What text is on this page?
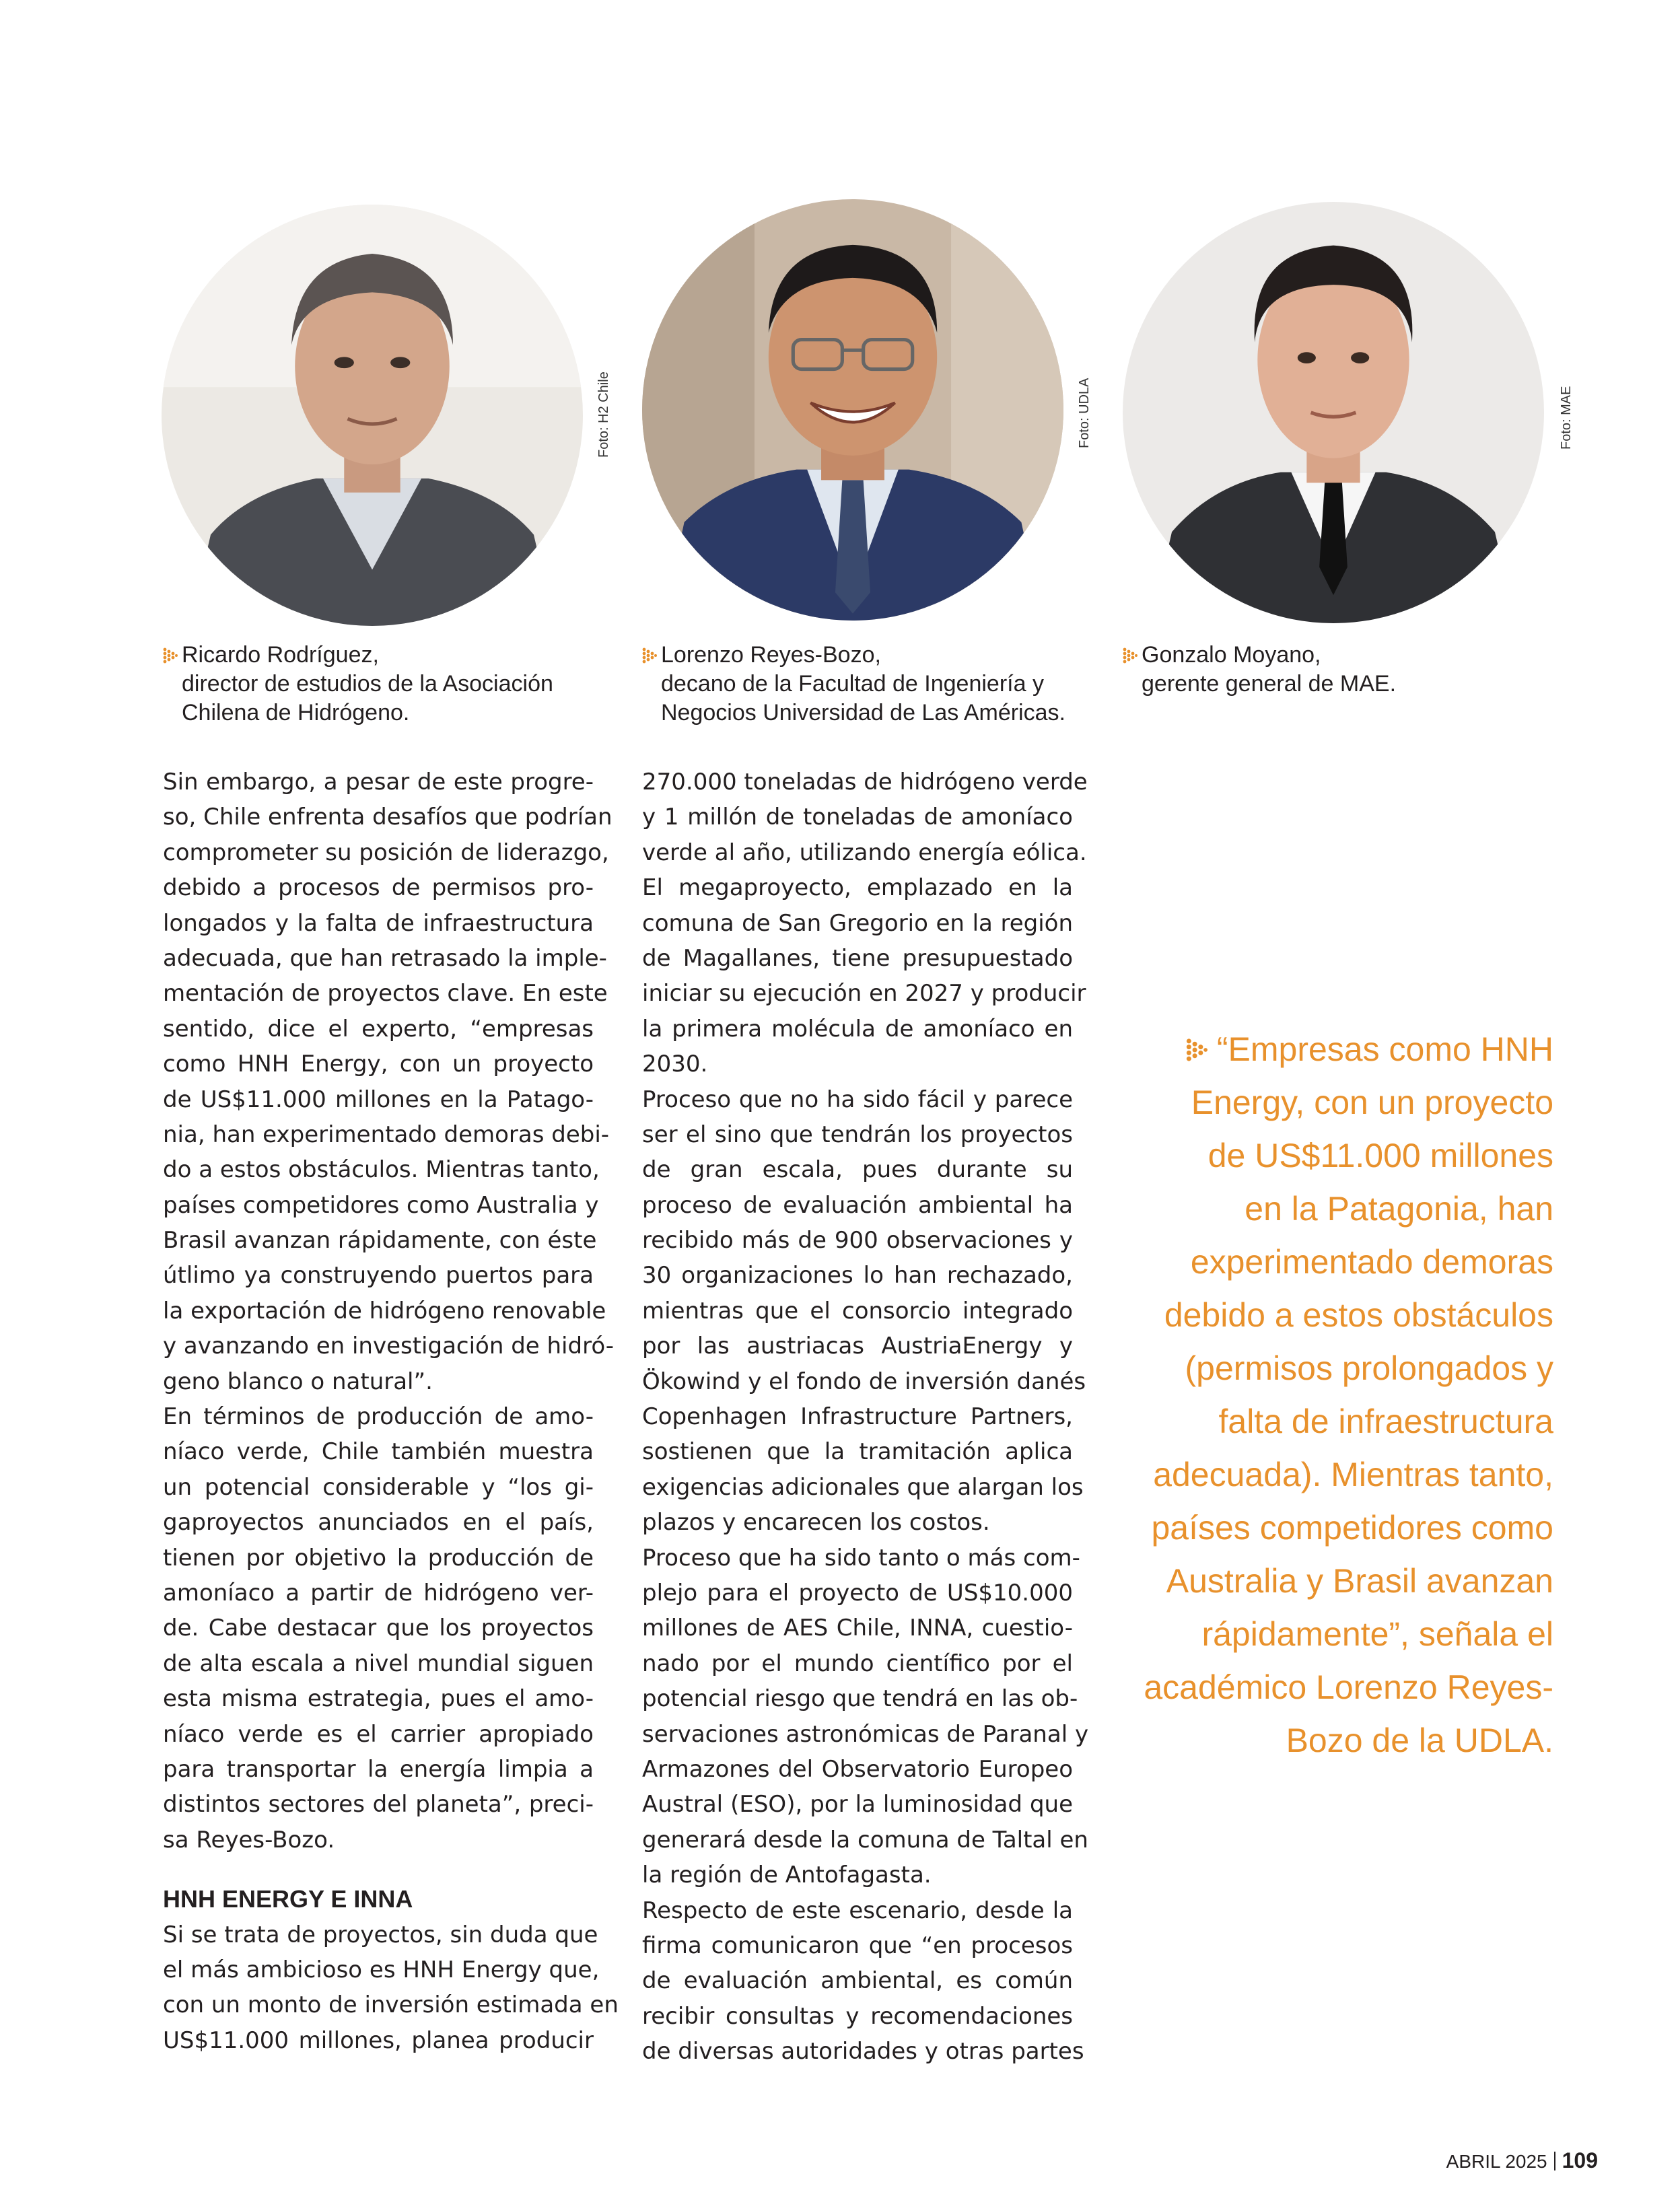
Foto: H2 Chile	Foto: UDLA	Foto: MAE
Ricardo Rodríguez,
director de estudios de la Asociación
Chilena de Hidrógeno.
Lorenzo Reyes-Bozo,
decano de la Facultad de Ingeniería y
Negocios Universidad de Las Américas.
Gonzalo Moyano,
gerente general de MAE.
Sin embargo, a pesar de este progre-
so, Chile enfrenta desafíos que podrían
comprometer su posición de liderazgo,
debido a procesos de permisos pro-
longados y la falta de infraestructura
adecuada, que han retrasado la imple-
mentación de proyectos clave. En este
sentido, dice el experto, “empresas
como HNH Energy, con un proyecto
de US$11.000 millones en la Patago-
nia, han experimentado demoras debi-
do a estos obstáculos. Mientras tanto,
países competidores como Australia y
Brasil avanzan rápidamente, con éste
útlimo ya construyendo puertos para
la exportación de hidrógeno renovable
y avanzando en investigación de hidró-
geno blanco o natural”.
En términos de producción de amo-
níaco verde, Chile también muestra
un potencial considerable y “los gi-
gaproyectos anunciados en el país,
tienen por objetivo la producción de
amoníaco a partir de hidrógeno ver-
de. Cabe destacar que los proyectos
de alta escala a nivel mundial siguen
esta misma estrategia, pues el amo-
níaco verde es el carrier apropiado
para transportar la energía limpia a
distintos sectores del planeta”, preci-
sa Reyes-Bozo.
HNH ENERGY E INNA
Si se trata de proyectos, sin duda que
el más ambicioso es HNH Energy que,
con un monto de inversión estimada en
US$11.000 millones, planea producir
270.000 toneladas de hidrógeno verde
y 1 millón de toneladas de amoníaco
verde al año, utilizando energía eólica.
El megaproyecto, emplazado en la
comuna de San Gregorio en la región
de Magallanes, tiene presupuestado
iniciar su ejecución en 2027 y producir
la primera molécula de amoníaco en
2030.
Proceso que no ha sido fácil y parece
ser el sino que tendrán los proyectos
de gran escala, pues durante su
proceso de evaluación ambiental ha
recibido más de 900 observaciones y
30 organizaciones lo han rechazado,
mientras que el consorcio integrado
por las austriacas AustriaEnergy y
Ökowind y el fondo de inversión danés
Copenhagen Infrastructure Partners,
sostienen que la tramitación aplica
exigencias adicionales que alargan los
plazos y encarecen los costos.
Proceso que ha sido tanto o más com-
plejo para el proyecto de US$10.000
millones de AES Chile, INNA, cuestio-
nado por el mundo científico por el
potencial riesgo que tendrá en las ob-
servaciones astronómicas de Paranal y
Armazones del Observatorio Europeo
Austral (ESO), por la luminosidad que
generará desde la comuna de Taltal en
la región de Antofagasta.
Respecto de este escenario, desde la
firma comunicaron que “en procesos
de evaluación ambiental, es común
recibir consultas y recomendaciones
de diversas autoridades y otras partes
“Empresas como HNH
Energy, con un proyecto
de US$11.000 millones
en la Patagonia, han
experimentado demoras
debido a estos obstáculos
(permisos prolongados y
falta de infraestructura
adecuada). Mientras tanto,
países competidores como
Australia y Brasil avanzan
rápidamente”, señala el
académico Lorenzo Reyes-
Bozo de la UDLA.
ABRIL 2025 109
